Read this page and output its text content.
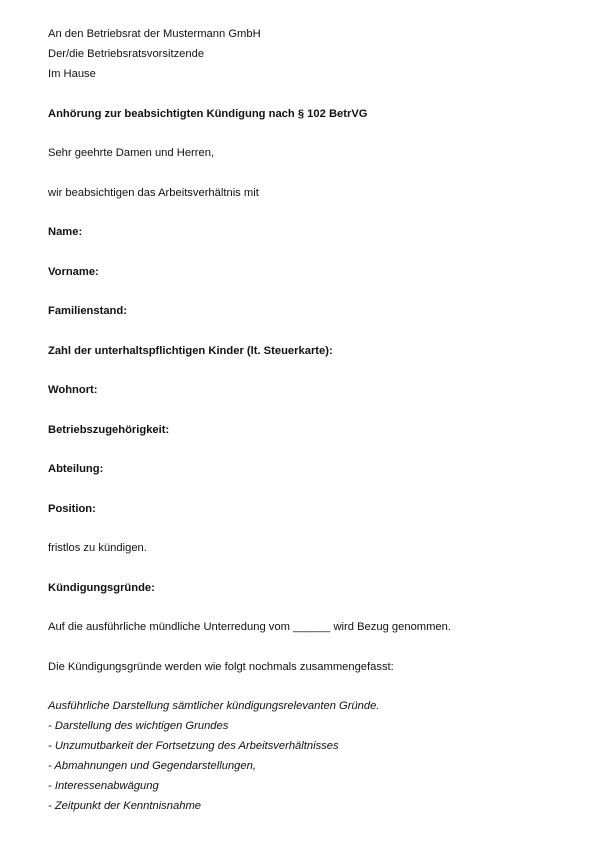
An den Betriebsrat der Mustermann GmbH
Der/die Betriebsratsvorsitzende
Im Hause
Anhörung zur beabsichtigten Kündigung nach § 102 BetrVG
Sehr geehrte Damen und Herren,
wir beabsichtigen das Arbeitsverhältnis mit
Name:
Vorname:
Familienstand:
Zahl der unterhaltspflichtigen Kinder (lt. Steuerkarte):
Wohnort:
Betriebszugehörigkeit:
Abteilung:
Position:
fristlos zu kündigen.
Kündigungsgründe:
Auf die ausführliche mündliche Unterredung vom ______ wird Bezug genommen.
Die Kündigungsgründe werden wie folgt nochmals zusammengefasst:
Ausführliche Darstellung sämtlicher kündigungsrelevanten Gründe.
- Darstellung des wichtigen Grundes
- Unzumutbarkeit der Fortsetzung des Arbeitsverhältnisses
- Abmahnungen und Gegendarstellungen,
- Interessenabwägung
- Zeitpunkt der Kenntnisnahme
